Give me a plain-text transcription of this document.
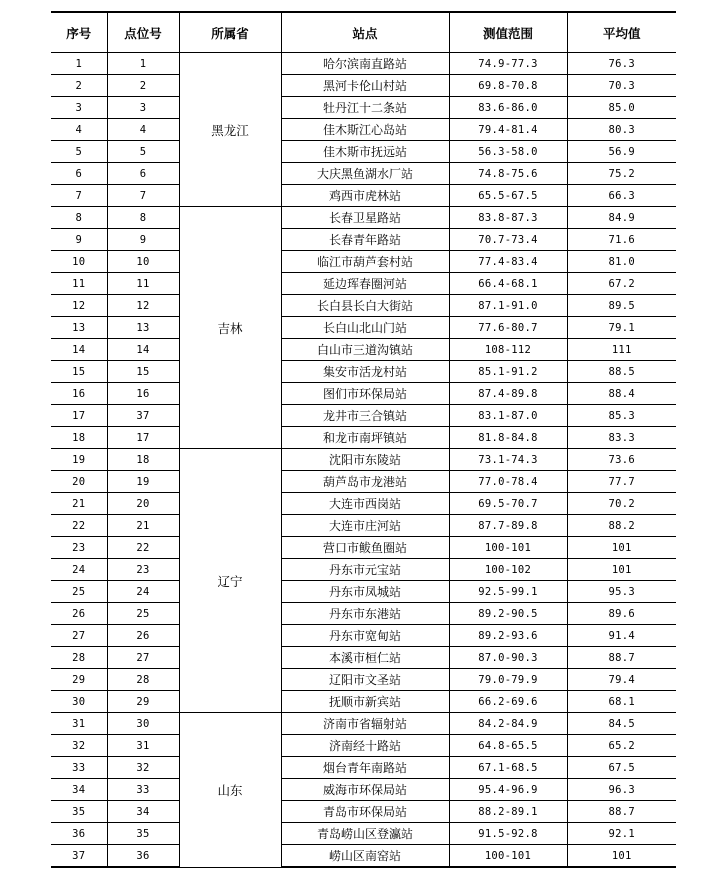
序号	点位号	所属省	站点	测值范围	平均值
1	1	黑龙江	哈尔滨南直路站	74.9-77.3	76.3
2	2		黑河卡伦山村站	69.8-70.8	70.3
3	3		牡丹江十二条站	83.6-86.0	85.0
4	4		佳木斯江心岛站	79.4-81.4	80.3
5	5		佳木斯市抚远站	56.3-58.0	56.9
6	6		大庆黑鱼湖水厂站	74.8-75.6	75.2
7	7		鸡西市虎林站	65.5-67.5	66.3
8	8	吉林	长春卫星路站	83.8-87.3	84.9
9	9		长春青年路站	70.7-73.4	71.6
10	10		临江市葫芦套村站	77.4-83.4	81.0
11	11		延边珲春圈河站	66.4-68.1	67.2
12	12		长白县长白大街站	87.1-91.0	89.5
13	13		长白山北山门站	77.6-80.7	79.1
14	14		白山市三道沟镇站	108-112	111
15	15		集安市活龙村站	85.1-91.2	88.5
16	16		图们市环保局站	87.4-89.8	88.4
17	37		龙井市三合镇站	83.1-87.0	85.3
18	17		和龙市南坪镇站	81.8-84.8	83.3
19	18	辽宁	沈阳市东陵站	73.1-74.3	73.6
20	19		葫芦岛市龙港站	77.0-78.4	77.7
21	20		大连市西岗站	69.5-70.7	70.2
22	21		大连市庄河站	87.7-89.8	88.2
23	22		营口市鲅鱼圈站	100-101	101
24	23		丹东市元宝站	100-102	101
25	24		丹东市凤城站	92.5-99.1	95.3
26	25		丹东市东港站	89.2-90.5	89.6
27	26		丹东市宽甸站	89.2-93.6	91.4
28	27		本溪市桓仁站	87.0-90.3	88.7
29	28		辽阳市文圣站	79.0-79.9	79.4
30	29		抚顺市新宾站	66.2-69.6	68.1
31	30	山东	济南市省辐射站	84.2-84.9	84.5
32	31		济南经十路站	64.8-65.5	65.2
33	32		烟台青年南路站	67.1-68.5	67.5
34	33		威海市环保局站	95.4-96.9	96.3
35	34		青岛市环保局站	88.2-89.1	88.7
36	35		青岛崂山区登瀛站	91.5-92.8	92.1
37	36		崂山区南窑站	100-101	101
